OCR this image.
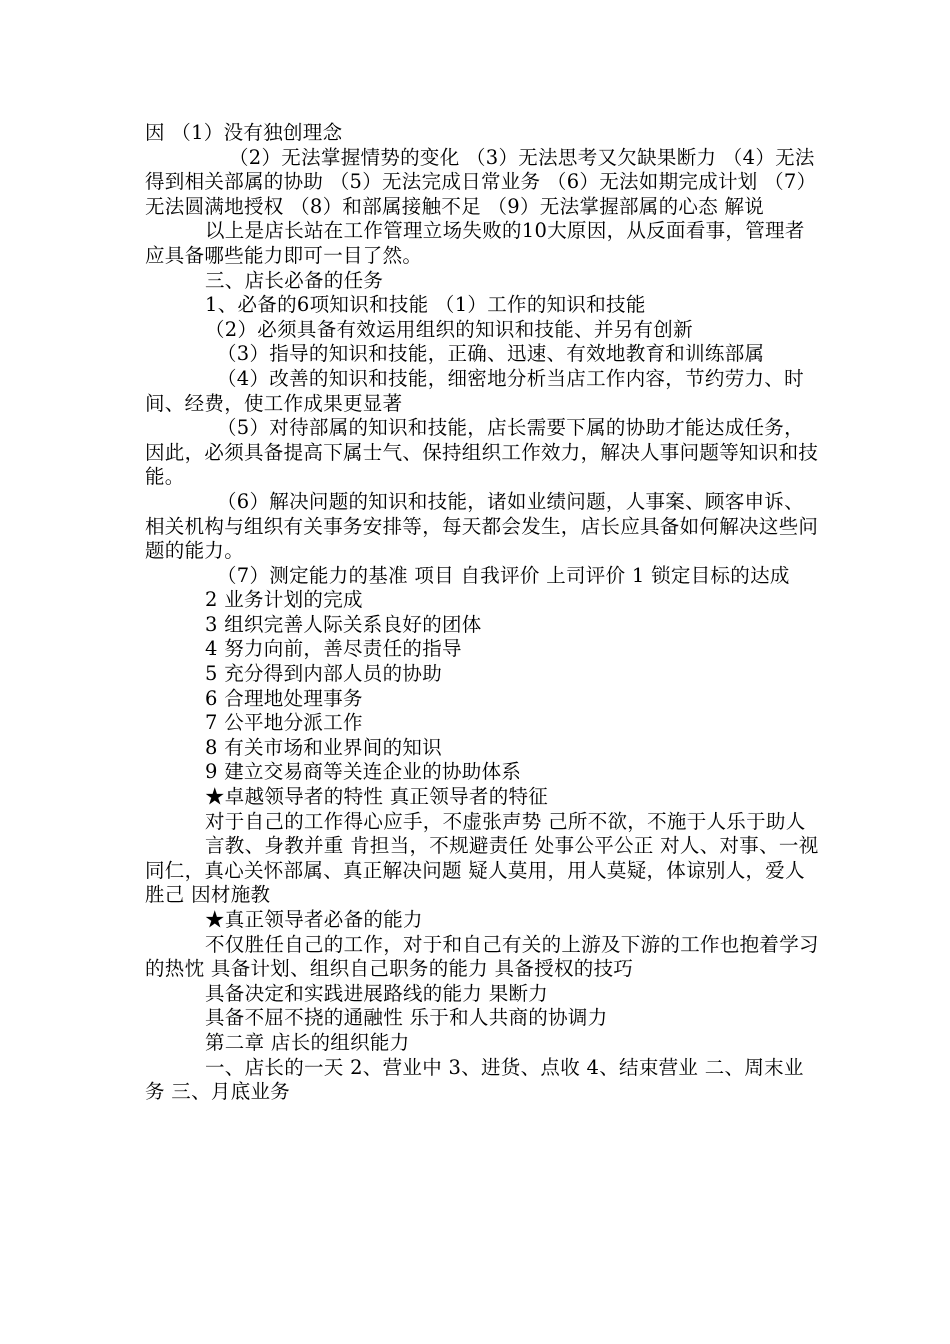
因 （1）没有独创理念

（2）无法掌握情势的变化 （3）无法思考又欠缺果断力 （4）无法得到相关部属的协助 （5）无法完成日常业务 （6）无法如期完成计划 （7）无法圆满地授权 （8）和部属接触不足 （9）无法掌握部属的心态 解说

以上是店长站在工作管理立场失败的10大原因，从反面看事，管理者应具备哪些能力即可一目了然。

三、店长必备的任务

1、必备的6项知识和技能 （1）工作的知识和技能

（2）必须具备有效运用组织的知识和技能、并另有创新

（3）指导的知识和技能，正确、迅速、有效地教育和训练部属

（4）改善的知识和技能，细密地分析当店工作内容，节约劳力、时间、经费，使工作成果更显著

（5）对待部属的知识和技能，店长需要下属的协助才能达成任务，因此，必须具备提高下属士气、保持组织工作效力，解决人事问题等知识和技能。

（6）解决问题的知识和技能，诸如业绩问题，人事案、顾客申诉、相关机构与组织有关事务安排等，每天都会发生，店长应具备如何解决这些问题的能力。

（7）测定能力的基准 项目 自我评价 上司评价 1 锁定目标的达成

2 业务计划的完成

3 组织完善人际关系良好的团体

4 努力向前，善尽责任的指导

5 充分得到内部人员的协助

6 合理地处理事务

7 公平地分派工作

8 有关市场和业界间的知识

9 建立交易商等关连企业的协助体系

★卓越领导者的特性 真正领导者的特征

对于自己的工作得心应手，不虚张声势 己所不欲，不施于人乐于助人

言教、身教并重 肯担当，不规避责任 处事公平公正 对人、对事、一视同仁，真心关怀部属、真正解决问题 疑人莫用，用人莫疑，体谅别人，爱人胜己 因材施教

★真正领导者必备的能力

不仅胜任自己的工作，对于和自己有关的上游及下游的工作也抱着学习的热忱 具备计划、组织自己职务的能力 具备授权的技巧

具备决定和实践进展路线的能力 果断力

具备不屈不挠的通融性 乐于和人共商的协调力

第二章 店长的组织能力

一、店长的一天 2、营业中 3、进货、点收 4、结束营业 二、周末业务 三、月底业务
